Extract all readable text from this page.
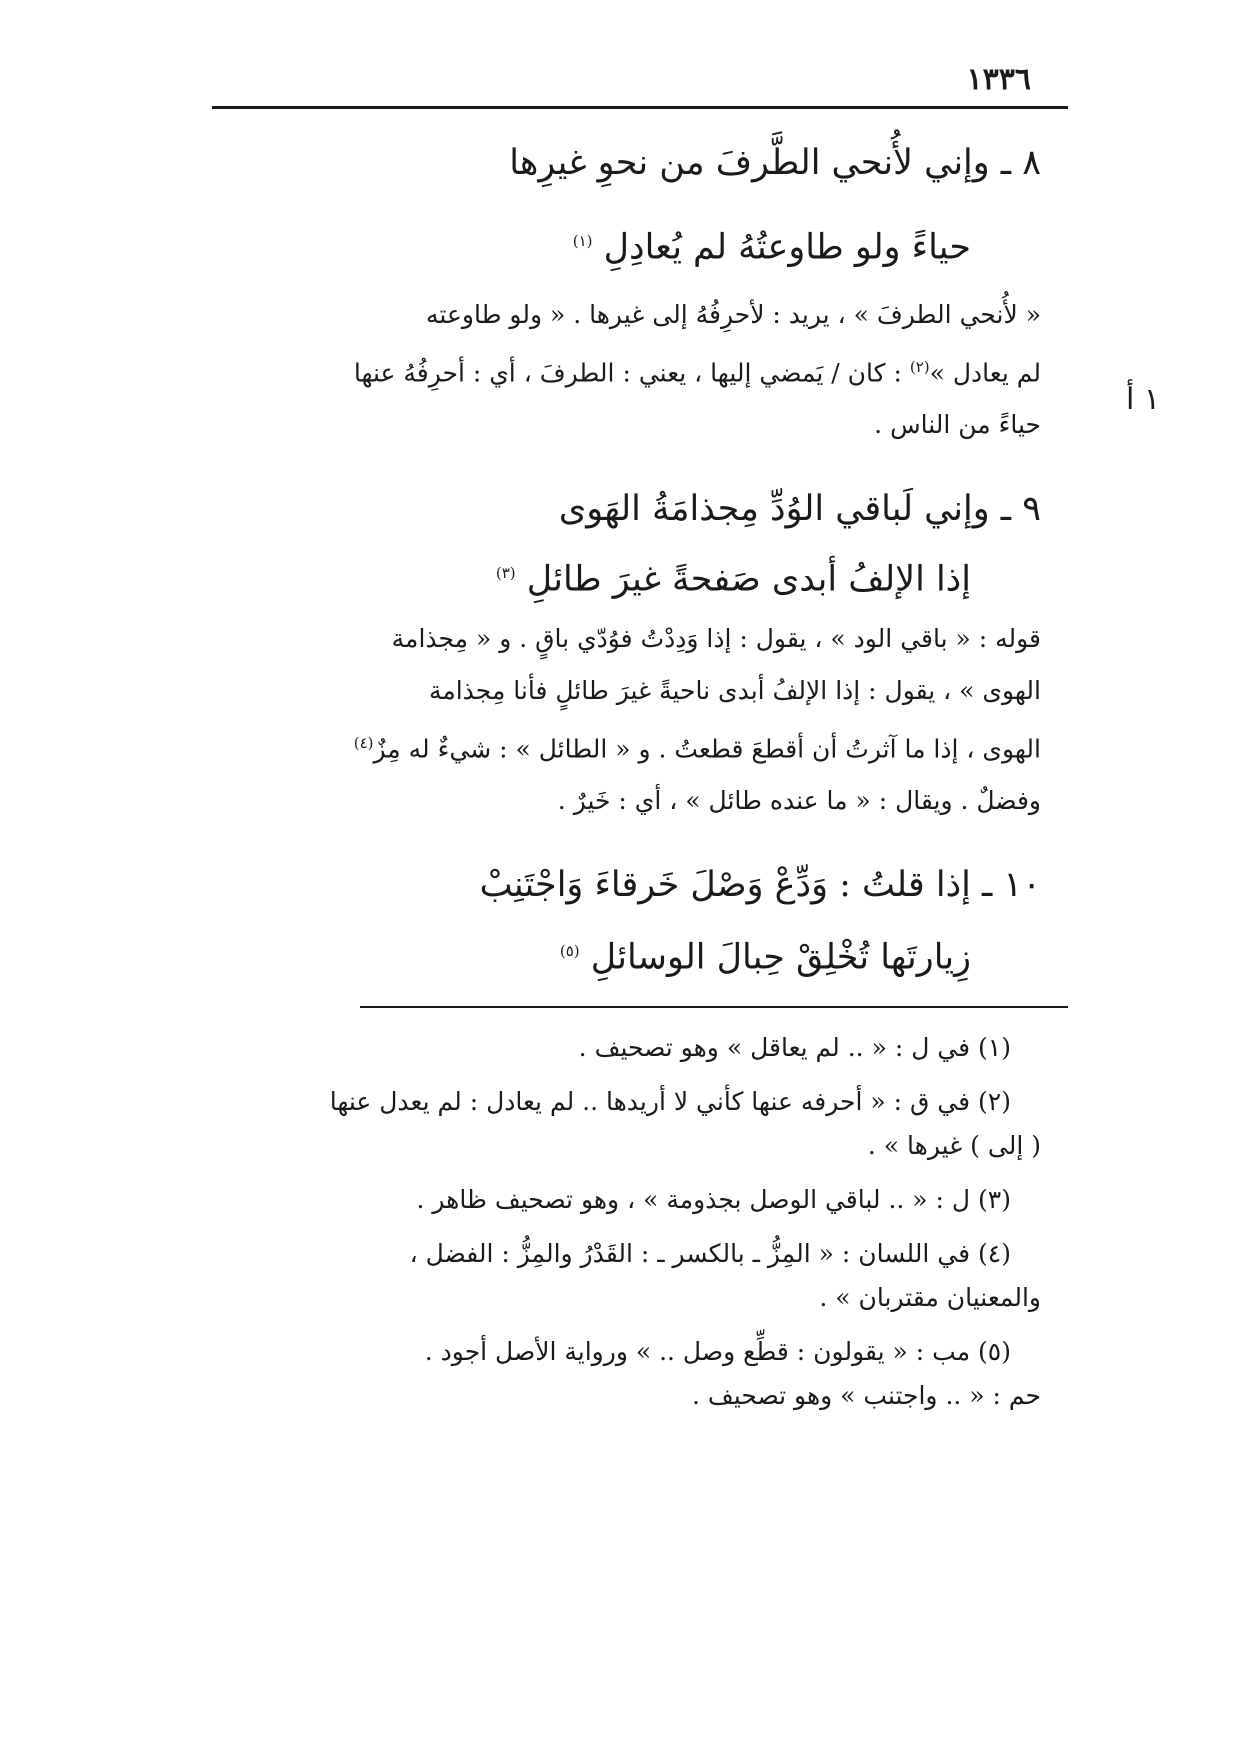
١٣٣٦
١ أ
٨ ـ وإني لأُنحي الطَّرفَ من نحوِ غيرِها
حياءً ولو طاوعتُهُ لم يُعادِلِ $^{(١)}$
« لأُنحي الطرفَ » ، يريد : لأحرِفُهُ إلى غيرها . « ولو طاوعته
لم يعادل »$^{(٢)}$ : كان / يَمضي إليها ، يعني : الطرفَ ، أي : أحرِفُهُ عنها
حياءً من الناس .
٩ ـ وإني لَباقي الوُدِّ مِجذامَةُ الهَوى
إذا الإلفُ أبدى صَفحةً غيرَ طائلِ $^{(٣)}$
قوله : « باقي الود » ، يقول : إذا وَدِدْتُ فوُدّي باقٍ . و « مِجذامة
الهوى » ، يقول : إذا الإلفُ أبدى ناحيةً غيرَ طائلٍ فأنا مِجذامة
الهوى ، إذا ما آثرتُ أن أقطعَ قطعتُ . و « الطائل » : شيءٌ له مِزٌ$^{(٤)}$
وفضلٌ . ويقال : « ما عنده طائل » ، أي : خَيرٌ .
١٠ ـ إذا قلتُ : وَدِّعْ وَصْلَ خَرقاءَ وَاجْتَنِبْ
زِيارتَها تُخْلِقْ حِبالَ الوسائلِ $^{(٥)}$
(١) في ل : « .. لم يعاقل » وهو تصحيف .
(٢) في ق : « أحرفه عنها كأني لا أريدها .. لم يعادل : لم يعدل عنها
( إلى ) غيرها » .
(٣) ل : « .. لباقي الوصل بجذومة » ، وهو تصحيف ظاهر .
(٤) في اللسان : « المِزُّ ـ بالكسر ـ : القَدْرُ والمِزُّ : الفضل ،
والمعنيان مقتربان » .
(٥) مب : « يقولون : قطِّع وصل .. » ورواية الأصل أجود .
حم : « .. واجتنب » وهو تصحيف .
